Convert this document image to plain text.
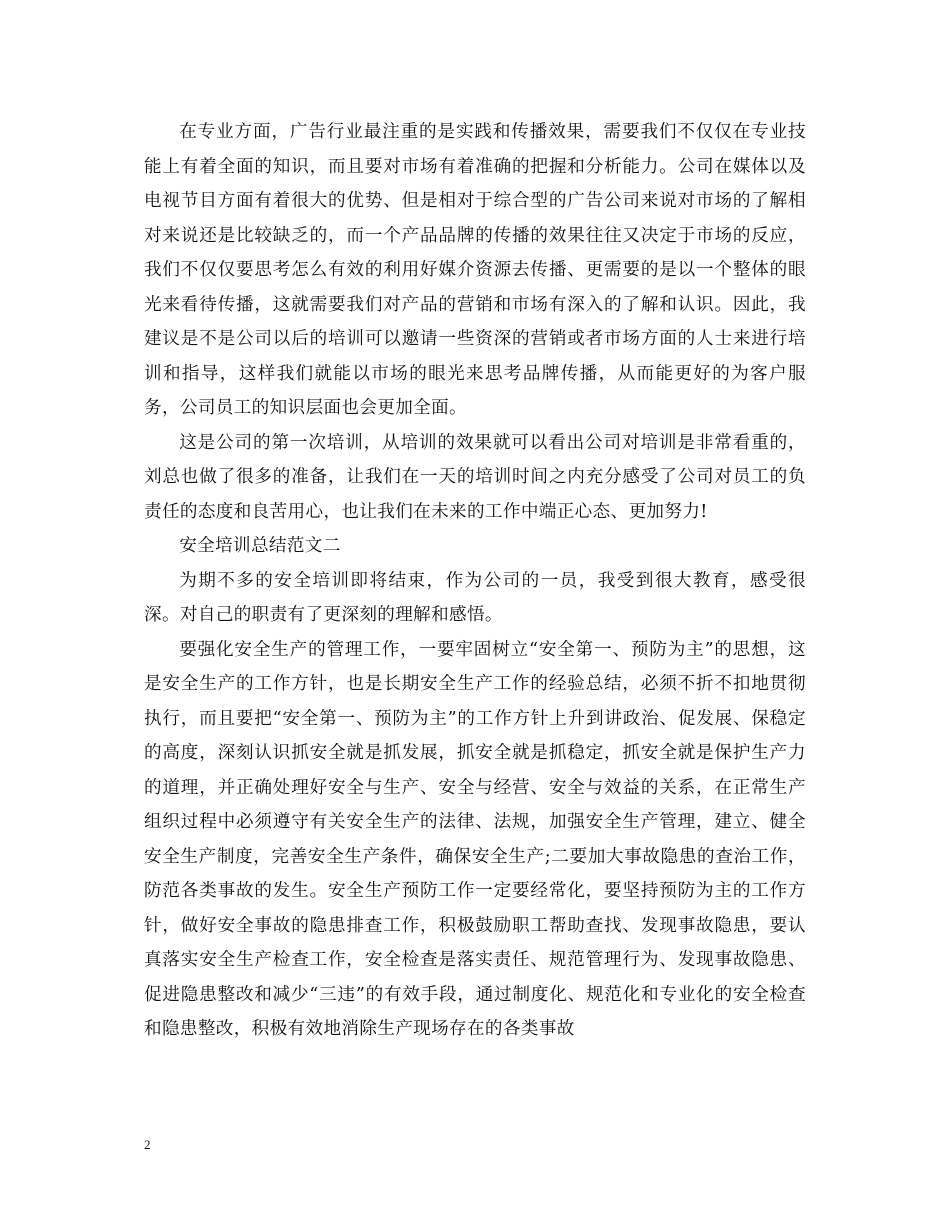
在专业方面，广告行业最注重的是实践和传播效果，需要我们不仅仅在专业技能上有着全面的知识，而且要对市场有着准确的把握和分析能力。公司在媒体以及电视节目方面有着很大的优势、但是相对于综合型的广告公司来说对市场的了解相对来说还是比较缺乏的，而一个产品品牌的传播的效果往往又决定于市场的反应，我们不仅仅要思考怎么有效的利用好媒介资源去传播、更需要的是以一个整体的眼光来看待传播，这就需要我们对产品的营销和市场有深入的了解和认识。因此，我建议是不是公司以后的培训可以邀请一些资深的营销或者市场方面的人士来进行培训和指导，这样我们就能以市场的眼光来思考品牌传播，从而能更好的为客户服务，公司员工的知识层面也会更加全面。

这是公司的第一次培训，从培训的效果就可以看出公司对培训是非常看重的，刘总也做了很多的准备，让我们在一天的培训时间之内充分感受了公司对员工的负责任的态度和良苦用心，也让我们在未来的工作中端正心态、更加努力!

安全培训总结范文二

为期不多的安全培训即将结束，作为公司的一员，我受到很大教育，感受很深。对自己的职责有了更深刻的理解和感悟。

要强化安全生产的管理工作，一要牢固树立“安全第一、预防为主”的思想，这是安全生产的工作方针，也是长期安全生产工作的经验总结，必须不折不扣地贯彻执行，而且要把“安全第一、预防为主”的工作方针上升到讲政治、促发展、保稳定的高度，深刻认识抓安全就是抓发展，抓安全就是抓稳定，抓安全就是保护生产力的道理，并正确处理好安全与生产、安全与经营、安全与效益的关系，在正常生产组织过程中必须遵守有关安全生产的法律、法规，加强安全生产管理，建立、健全安全生产制度，完善安全生产条件，确保安全生产;二要加大事故隐患的查治工作，防范各类事故的发生。安全生产预防工作一定要经常化，要坚持预防为主的工作方针，做好安全事故的隐患排查工作，积极鼓励职工帮助查找、发现事故隐患，要认真落实安全生产检查工作，安全检查是落实责任、规范管理行为、发现事故隐患、促进隐患整改和减少“三违”的有效手段，通过制度化、规范化和专业化的安全检查和隐患整改，积极有效地消除生产现场存在的各类事故

2
